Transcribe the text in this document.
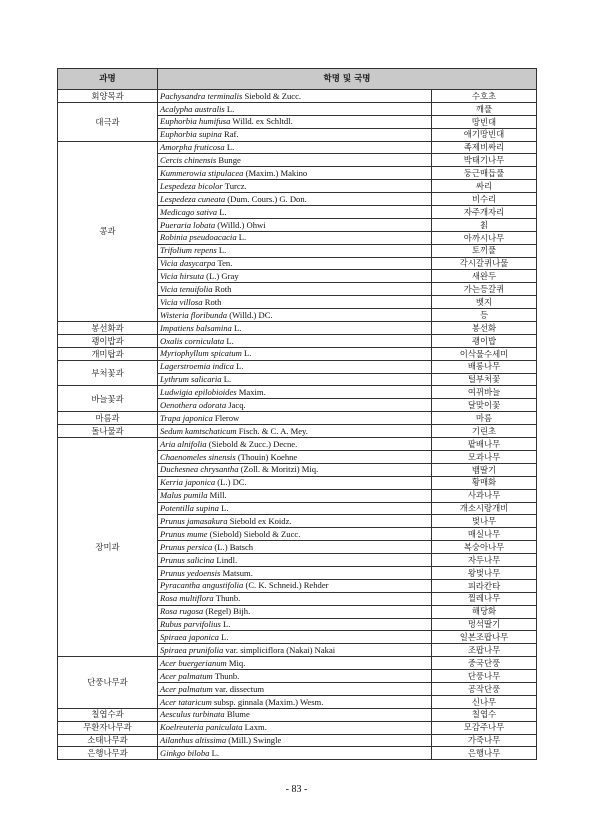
과명	학명 및 국명	
회양목과	Pachysandra terminalis Siebold & Zucc.	수호초
대극과	Acalypha australis L.	깨풀
	Euphorbia humifusa Willd. ex Schltdl.	땅빈대
	Euphorbia supina Raf.	애기땅빈대
콩과	Amorpha fruticosa L.	족제비싸리
	Cercis chinensis Bunge	박태기나무
	Kummerowia stipulacea (Maxim.) Makino	둥근매듭풀
	Lespedeza bicolor Turcz.	싸리
	Lespedeza cuneata (Dum. Cours.) G. Don.	비수리
	Medicago sativa L.	자주개자리
	Pueraria lobata (Willd.) Ohwi	칡
	Robinia pseudoacacia L.	아까시나무
	Trifolium repens L.	토끼풀
	Vicia dasycarpa Ten.	각시갈퀴나물
	Vicia hirsuta (L.) Gray	새완두
	Vicia tenuifolia Roth	가는등갈퀴
	Vicia villosa Roth	벳지
	Wisteria floribunda (Willd.) DC.	등
봉선화과	Impatiens balsamina L.	봉선화
괭이밥과	Oxalis corniculata L.	괭이밥
개미탑과	Myriophyllum spicatum L.	이삭물수세미
부처꽃과	Lagerstroemia indica L.	배롱나무
	Lythrum salicaria L.	털부처꽃
바늘꽃과	Ludwigia epilobioides Maxim.	여뀌바늘
	Oenothera odorata Jacq.	달맞이꽃
마름과	Trapa japonica Flerow	마름
돌나물과	Sedum kamtschaticum Fisch. & C. A. Mey.	기린초
장미과	Aria alnifolia (Siebold & Zucc.) Decne.	팥배나무
	Chaenomeles sinensis (Thouin) Koehne	모과나무
	Duchesnea chrysantha (Zoll. & Moritzi) Miq.	뱀딸기
	Kerria japonica (L.) DC.	황매화
	Malus pumila Mill.	사과나무
	Potentilla supina L.	개소시랑개비
	Prunus jamasakura Siebold ex Koidz.	벚나무
	Prunus mume (Siebold) Siebold & Zucc.	매실나무
	Prunus persica (L.) Batsch	복숭아나무
	Prunus salicina Lindl.	자두나무
	Prunus yedoensis Matsum.	왕벚나무
	Pyracantha angustifolia (C. K. Schneid.) Rehder	피라칸타
	Rosa multiflora Thunb.	찔레나무
	Rosa rugosa (Regel) Bijh.	해당화
	Rubus parvifolius L.	멍석딸기
	Spiraea japonica L.	일본조팝나무
	Spiraea prunifolia var. simpliciflora (Nakai) Nakai	조팝나무
단풍나무과	Acer buergerianum Miq.	중국단풍
	Acer palmatum Thunb.	단풍나무
	Acer palmatum var. dissectum	공작단풍
	Acer tataricum subsp. ginnala (Maxim.) Wesm.	신나무
칠엽수과	Aesculus turbinata Blume	칠엽수
무환자나무과	Koelreuteria paniculata Laxm.	모감주나무
소태나무과	Ailanthus altissima (Mill.) Swingle	가죽나무
은행나무과	Ginkgo biloba L.	은행나무
- 83 -
